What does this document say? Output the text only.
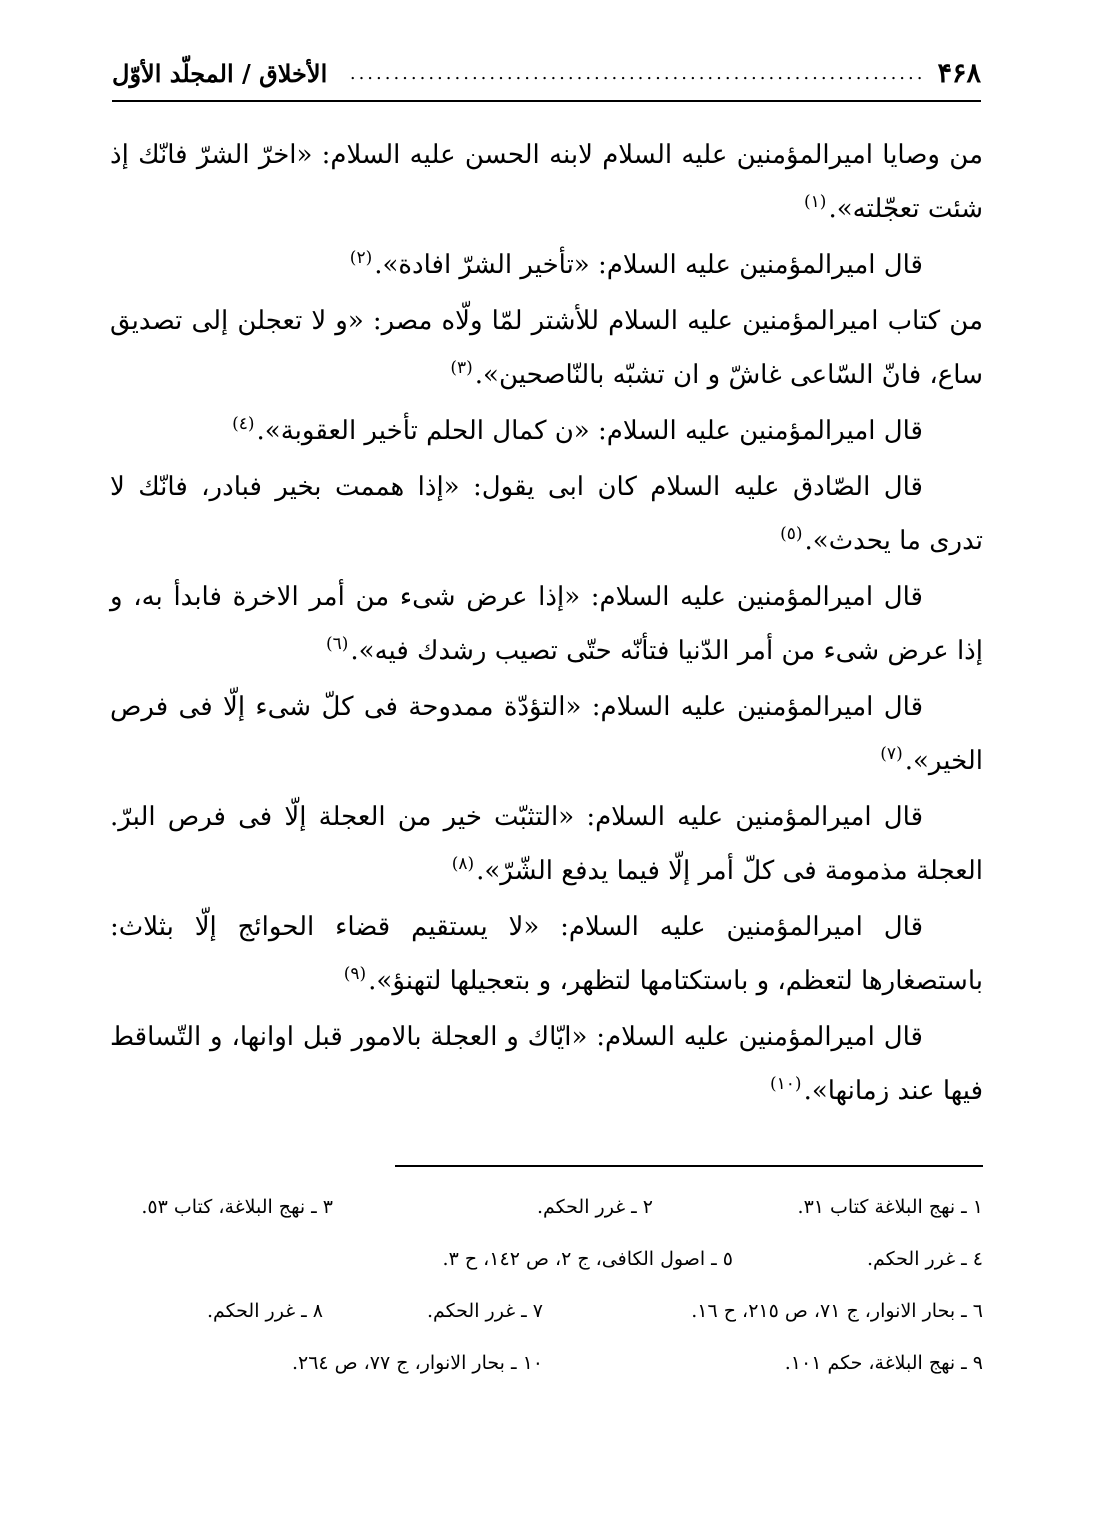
۴۶۸
..................................................................
الأخلاق / المجلّد الأوّل

من وصایا امیرالمؤمنین عليه السلام لابنه الحسن عليه السلام: «اخرّ الشرّ فانّك إذ شئت تعجّلته».$^{(١)}$

قال امیرالمؤمنین عليه السلام: «تأخیر الشرّ افادة».$^{(٢)}$

من كتاب امیرالمؤمنین عليه السلام للأشتر لمّا ولّاه مصر: «و لا تعجلن إلى تصدیق ساع، فانّ السّاعی غاشّ و ان تشبّه بالنّاصحین».$^{(٣)}$

قال امیرالمؤمنین عليه السلام: «ن كمال الحلم تأخیر العقوبة».$^{(٤)}$

قال الصّادق عليه السلام كان ابی یقول: «إذا هممت بخیر فبادر، فانّك لا تدری ما یحدث».$^{(٥)}$

قال امیرالمؤمنین عليه السلام: «إذا عرض شیء من أمر الاخرة فابدأ به، و إذا عرض شیء من أمر الدّنیا فتأنّه حتّی تصیب رشدك فیه».$^{(٦)}$

قال امیرالمؤمنین عليه السلام: «التؤدّة ممدوحة فی كلّ شیء إلّا فی فرص الخیر».$^{(٧)}$

قال امیرالمؤمنین عليه السلام: «التثبّت خیر من العجلة إلّا فی فرص البرّ. العجلة مذمومة فی كلّ أمر إلّا فیما یدفع الشّرّ».$^{(٨)}$

قال امیرالمؤمنین عليه السلام: «لا یستقیم قضاء الحوائج إلّا بثلاث: باستصغارها لتعظم، و باستكتامها لتظهر، و بتعجیلها لتهنؤ».$^{(٩)}$

قال امیرالمؤمنین عليه السلام: «ایّاك و العجلة بالامور قبل اوانها، و التّساقط فیها عند زمانها».$^{(١٠)}$

١ ـ نهج البلاغة كتاب ٣١.
٢ ـ غرر الحكم.
٣ ـ نهج البلاغة، كتاب ٥٣.
٤ ـ غرر الحكم.
٥ ـ اصول الكافی، ج ٢، ص ١٤٢، ح ٣.
٦ ـ بحار الانوار، ج ٧١، ص ٢١٥، ح ١٦.
٧ ـ غرر الحكم.
٨ ـ غرر الحكم.
٩ ـ نهج البلاغة، حكم ١٠١.
١٠ ـ بحار الانوار، ج ٧٧، ص ٢٦٤.
